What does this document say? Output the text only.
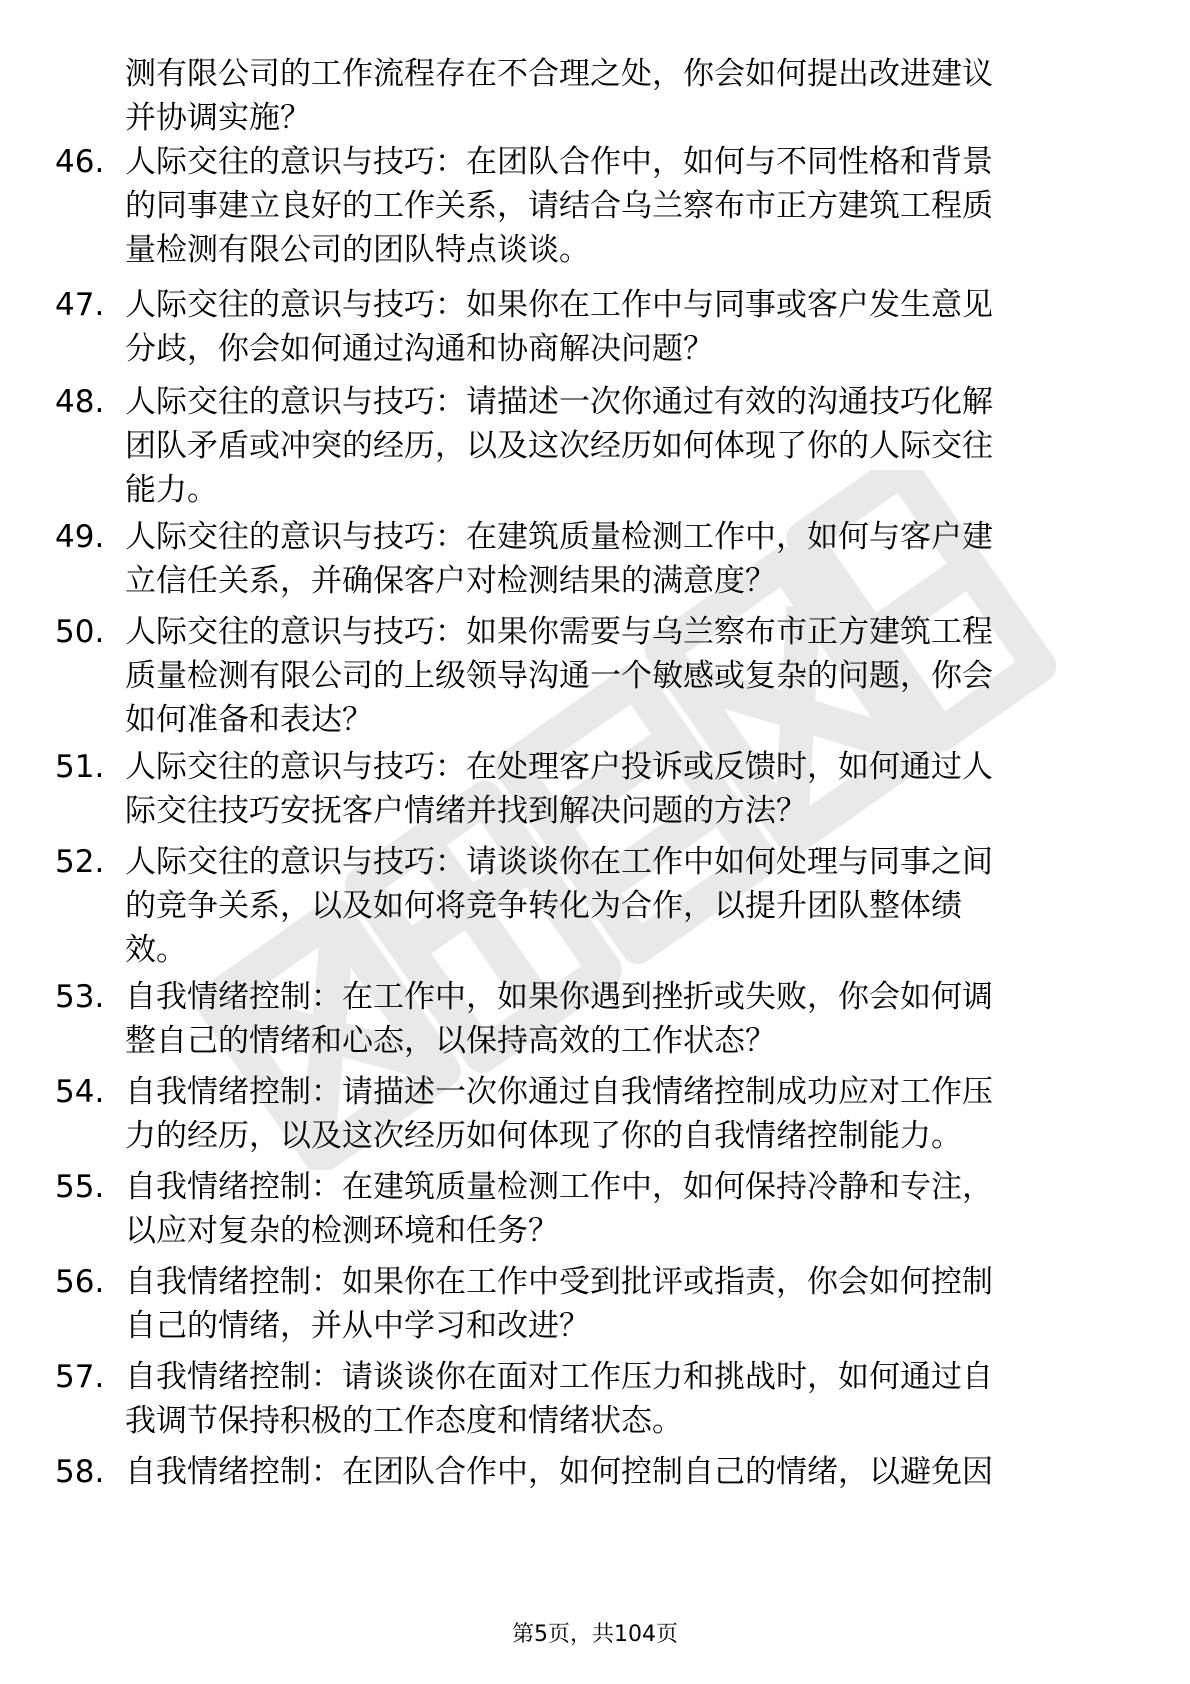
测有限公司的工作流程存在不合理之处，你会如何提出改进建议
并协调实施？
46. 人际交往的意识与技巧：在团队合作中，如何与不同性格和背景
的同事建立良好的工作关系，请结合乌兰察布市正方建筑工程质
量检测有限公司的团队特点谈谈。
47. 人际交往的意识与技巧：如果你在工作中与同事或客户发生意见
分歧，你会如何通过沟通和协商解决问题？
48. 人际交往的意识与技巧：请描述一次你通过有效的沟通技巧化解
团队矛盾或冲突的经历，以及这次经历如何体现了你的人际交往
能力。
49. 人际交往的意识与技巧：在建筑质量检测工作中，如何与客户建
立信任关系，并确保客户对检测结果的满意度？
50. 人际交往的意识与技巧：如果你需要与乌兰察布市正方建筑工程
质量检测有限公司的上级领导沟通一个敏感或复杂的问题，你会
如何准备和表达？
51. 人际交往的意识与技巧：在处理客户投诉或反馈时，如何通过人
际交往技巧安抚客户情绪并找到解决问题的方法？
52. 人际交往的意识与技巧：请谈谈你在工作中如何处理与同事之间
的竞争关系，以及如何将竞争转化为合作，以提升团队整体绩
效。
53. 自我情绪控制：在工作中，如果你遇到挫折或失败，你会如何调
整自己的情绪和心态，以保持高效的工作状态？
54. 自我情绪控制：请描述一次你通过自我情绪控制成功应对工作压
力的经历，以及这次经历如何体现了你的自我情绪控制能力。
55. 自我情绪控制：在建筑质量检测工作中，如何保持冷静和专注，
以应对复杂的检测环境和任务？
56. 自我情绪控制：如果你在工作中受到批评或指责，你会如何控制
自己的情绪，并从中学习和改进？
57. 自我情绪控制：请谈谈你在面对工作压力和挑战时，如何通过自
我调节保持积极的工作态度和情绪状态。
58. 自我情绪控制：在团队合作中，如何控制自己的情绪，以避免因
第5页，共104页
